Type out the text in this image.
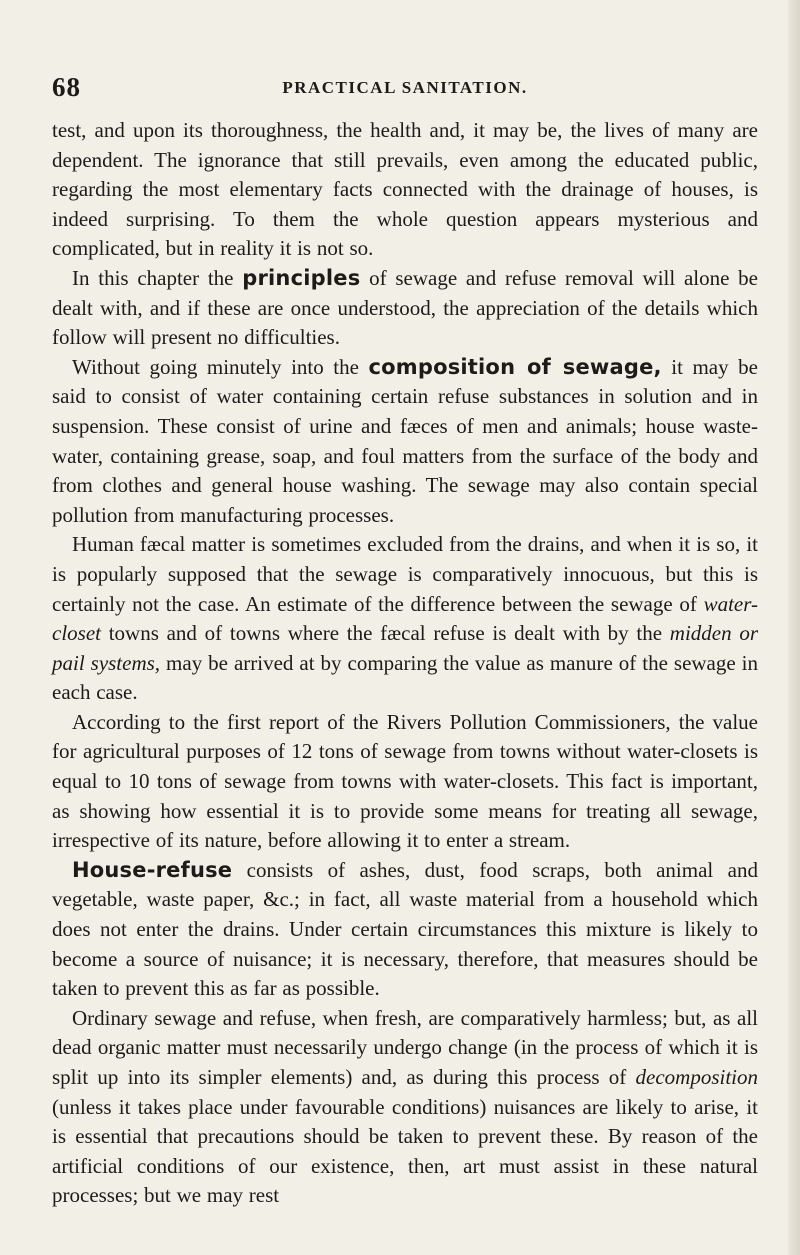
68	PRACTICAL SANITATION.

test, and upon its thoroughness, the health and, it may be, the lives of many are dependent. The ignorance that still prevails, even among the educated public, regarding the most elementary facts connected with the drainage of houses, is indeed surprising. To them the whole question appears mysterious and complicated, but in reality it is not so.

In this chapter the principles of sewage and refuse removal will alone be dealt with, and if these are once understood, the appreciation of the details which follow will present no difficulties.

Without going minutely into the composition of sewage, it may be said to consist of water containing certain refuse substances in solution and in suspension. These consist of urine and fæces of men and animals; house waste-water, containing grease, soap, and foul matters from the surface of the body and from clothes and general house washing. The sewage may also contain special pollution from manufacturing processes.

Human fæcal matter is sometimes excluded from the drains, and when it is so, it is popularly supposed that the sewage is comparatively innocuous, but this is certainly not the case. An estimate of the difference between the sewage of water-closet towns and of towns where the fæcal refuse is dealt with by the midden or pail systems, may be arrived at by comparing the value as manure of the sewage in each case.

According to the first report of the Rivers Pollution Commissioners, the value for agricultural purposes of 12 tons of sewage from towns without water-closets is equal to 10 tons of sewage from towns with water-closets. This fact is important, as showing how essential it is to provide some means for treating all sewage, irrespective of its nature, before allowing it to enter a stream.

House-refuse consists of ashes, dust, food scraps, both animal and vegetable, waste paper, &c.; in fact, all waste material from a household which does not enter the drains. Under certain circumstances this mixture is likely to become a source of nuisance; it is necessary, therefore, that measures should be taken to prevent this as far as possible.

Ordinary sewage and refuse, when fresh, are comparatively harmless; but, as all dead organic matter must necessarily undergo change (in the process of which it is split up into its simpler elements) and, as during this process of decomposition (unless it takes place under favourable conditions) nuisances are likely to arise, it is essential that precautions should be taken to prevent these. By reason of the artificial conditions of our existence, then, art must assist in these natural processes; but we may rest
